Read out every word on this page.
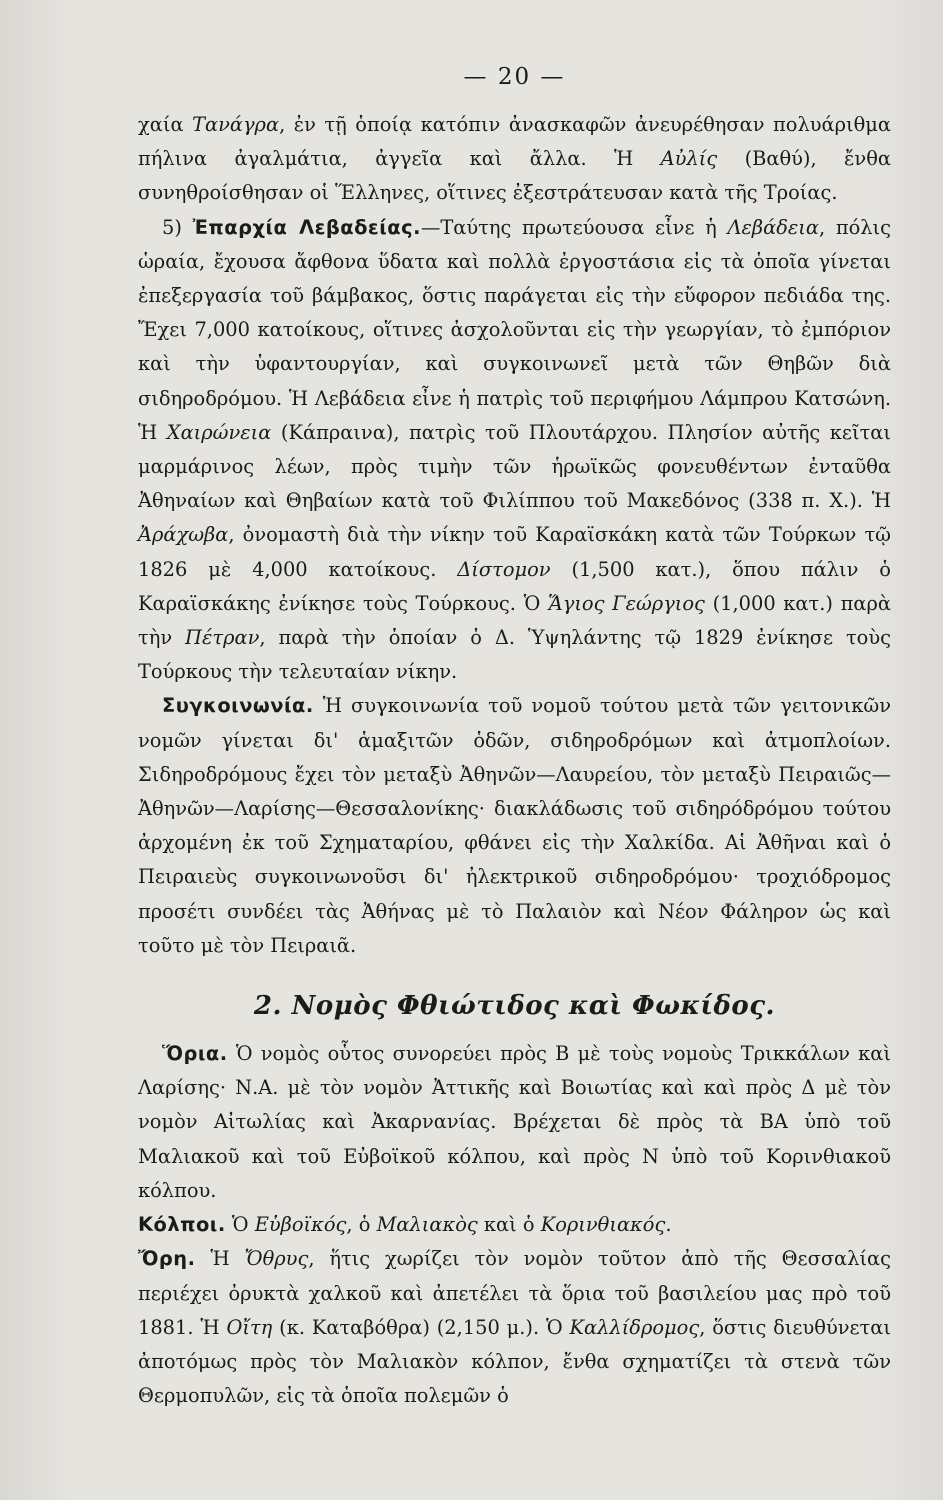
— 20 —

χαία Τανάγρα, ἐν τῇ ὁποίᾳ κατόπιν ἀνασκαφῶν ἀνευρέθησαν πολυάριθμα πήλινα ἀγαλμάτια, ἀγγεῖα καὶ ἄλλα. Ἡ Αὐλίς (Βαθύ), ἔνθα συνηθροίσθησαν οἱ Ἕλληνες, οἵτινες ἐξεστράτευσαν κατὰ τῆς Τροίας.

5) Ἐπαρχία Λεβαδείας.—Ταύτης πρωτεύουσα εἶνε ἡ Λεβάδεια, πόλις ὡραία, ἔχουσα ἄφθονα ὕδατα καὶ πολλὰ ἐργοστάσια εἰς τὰ ὁποῖα γίνεται ἐπεξεργασία τοῦ βάμβακος, ὅστις παράγεται εἰς τὴν εὔφορον πεδιάδα της. Ἔχει 7,000 κατοίκους, οἵτινες ἀσχολοῦνται εἰς τὴν γεωργίαν, τὸ ἐμπόριον καὶ τὴν ὑφαντουργίαν, καὶ συγκοινωνεῖ μετὰ τῶν Θηβῶν διὰ σιδηροδρόμου. Ἡ Λεβάδεια εἶνε ἡ πατρὶς τοῦ περιφήμου Λάμπρου Κατσώνη. Ἡ Χαιρώνεια (Κάπραινα), πατρὶς τοῦ Πλουτάρχου. Πλησίον αὐτῆς κεῖται μαρμάρινος λέων, πρὸς τιμὴν τῶν ἡρωϊκῶς φονευθέντων ἐνταῦθα Ἀθηναίων καὶ Θηβαίων κατὰ τοῦ Φιλίππου τοῦ Μακεδόνος (338 π. Χ.). Ἡ Ἀράχωβα, ὀνομαστὴ διὰ τὴν νίκην τοῦ Καραϊσκάκη κατὰ τῶν Τούρκων τῷ 1826 μὲ 4,000 κατοίκους. Δίστομον (1,500 κατ.), ὅπου πάλιν ὁ Καραϊσκάκης ἐνίκησε τοὺς Τούρκους. Ὁ Ἅγιος Γεώργιος (1,000 κατ.) παρὰ τὴν Πέτραν, παρὰ τὴν ὁποίαν ὁ Δ. Ὑψηλάντης τῷ 1829 ἐνίκησε τοὺς Τούρκους τὴν τελευταίαν νίκην.

Συγκοινωνία. Ἡ συγκοινωνία τοῦ νομοῦ τούτου μετὰ τῶν γειτονικῶν νομῶν γίνεται δι' ἁμαξιτῶν ὁδῶν, σιδηροδρόμων καὶ ἀτμοπλοίων. Σιδηροδρόμους ἔχει τὸν μεταξὺ Ἀθηνῶν—Λαυρείου, τὸν μεταξὺ Πειραιῶς—Ἀθηνῶν—Λαρίσης—Θεσσαλονίκης· διακλάδωσις τοῦ σιδηρόδρόμου τούτου ἀρχομένη ἐκ τοῦ Σχηματαρίου, φθάνει εἰς τὴν Χαλκίδα. Αἱ Ἀθῆναι καὶ ὁ Πειραιεὺς συγκοινωνοῦσι δι' ἠλεκτρικοῦ σιδηροδρόμου· τροχιόδρομος προσέτι συνδέει τὰς Ἀθήνας μὲ τὸ Παλαιὸν καὶ Νέον Φάληρον ὡς καὶ τοῦτο μὲ τὸν Πειραιᾶ.

2. Νομὸς Φθιώτιδος καὶ Φωκίδος.

Ὅρια. Ὁ νομὸς οὗτος συνορεύει πρὸς Β μὲ τοὺς νομοὺς Τρικκάλων καὶ Λαρίσης· Ν.Α. μὲ τὸν νομὸν Ἀττικῆς καὶ Βοιωτίας καὶ καὶ πρὸς Δ μὲ τὸν νομὸν Αἰτωλίας καὶ Ἀκαρνανίας. Βρέχεται δὲ πρὸς τὰ ΒΑ ὑπὸ τοῦ Μαλιακοῦ καὶ τοῦ Εὐβοϊκοῦ κόλπου, καὶ πρὸς Ν ὑπὸ τοῦ Κορινθιακοῦ κόλπου.

Κόλποι. Ὁ Εὐβοϊκός, ὁ Μαλιακὸς καὶ ὁ Κορινθιακός.

Ὄρη. Ἡ Ὄθρυς, ἥτις χωρίζει τὸν νομὸν τοῦτον ἀπὸ τῆς Θεσσαλίας περιέχει ὀρυκτὰ χαλκοῦ καὶ ἀπετέλει τὰ ὅρια τοῦ βασιλείου μας πρὸ τοῦ 1881. Ἡ Οἴτη (κ. Καταβόθρα) (2,150 μ.). Ὁ Καλλίδρομος, ὅστις διευθύνεται ἀποτόμως πρὸς τὸν Μαλιακὸν κόλπον, ἔνθα σχηματίζει τὰ στενὰ τῶν Θερμοπυλῶν, εἰς τὰ ὁποῖα πολεμῶν ὁ
